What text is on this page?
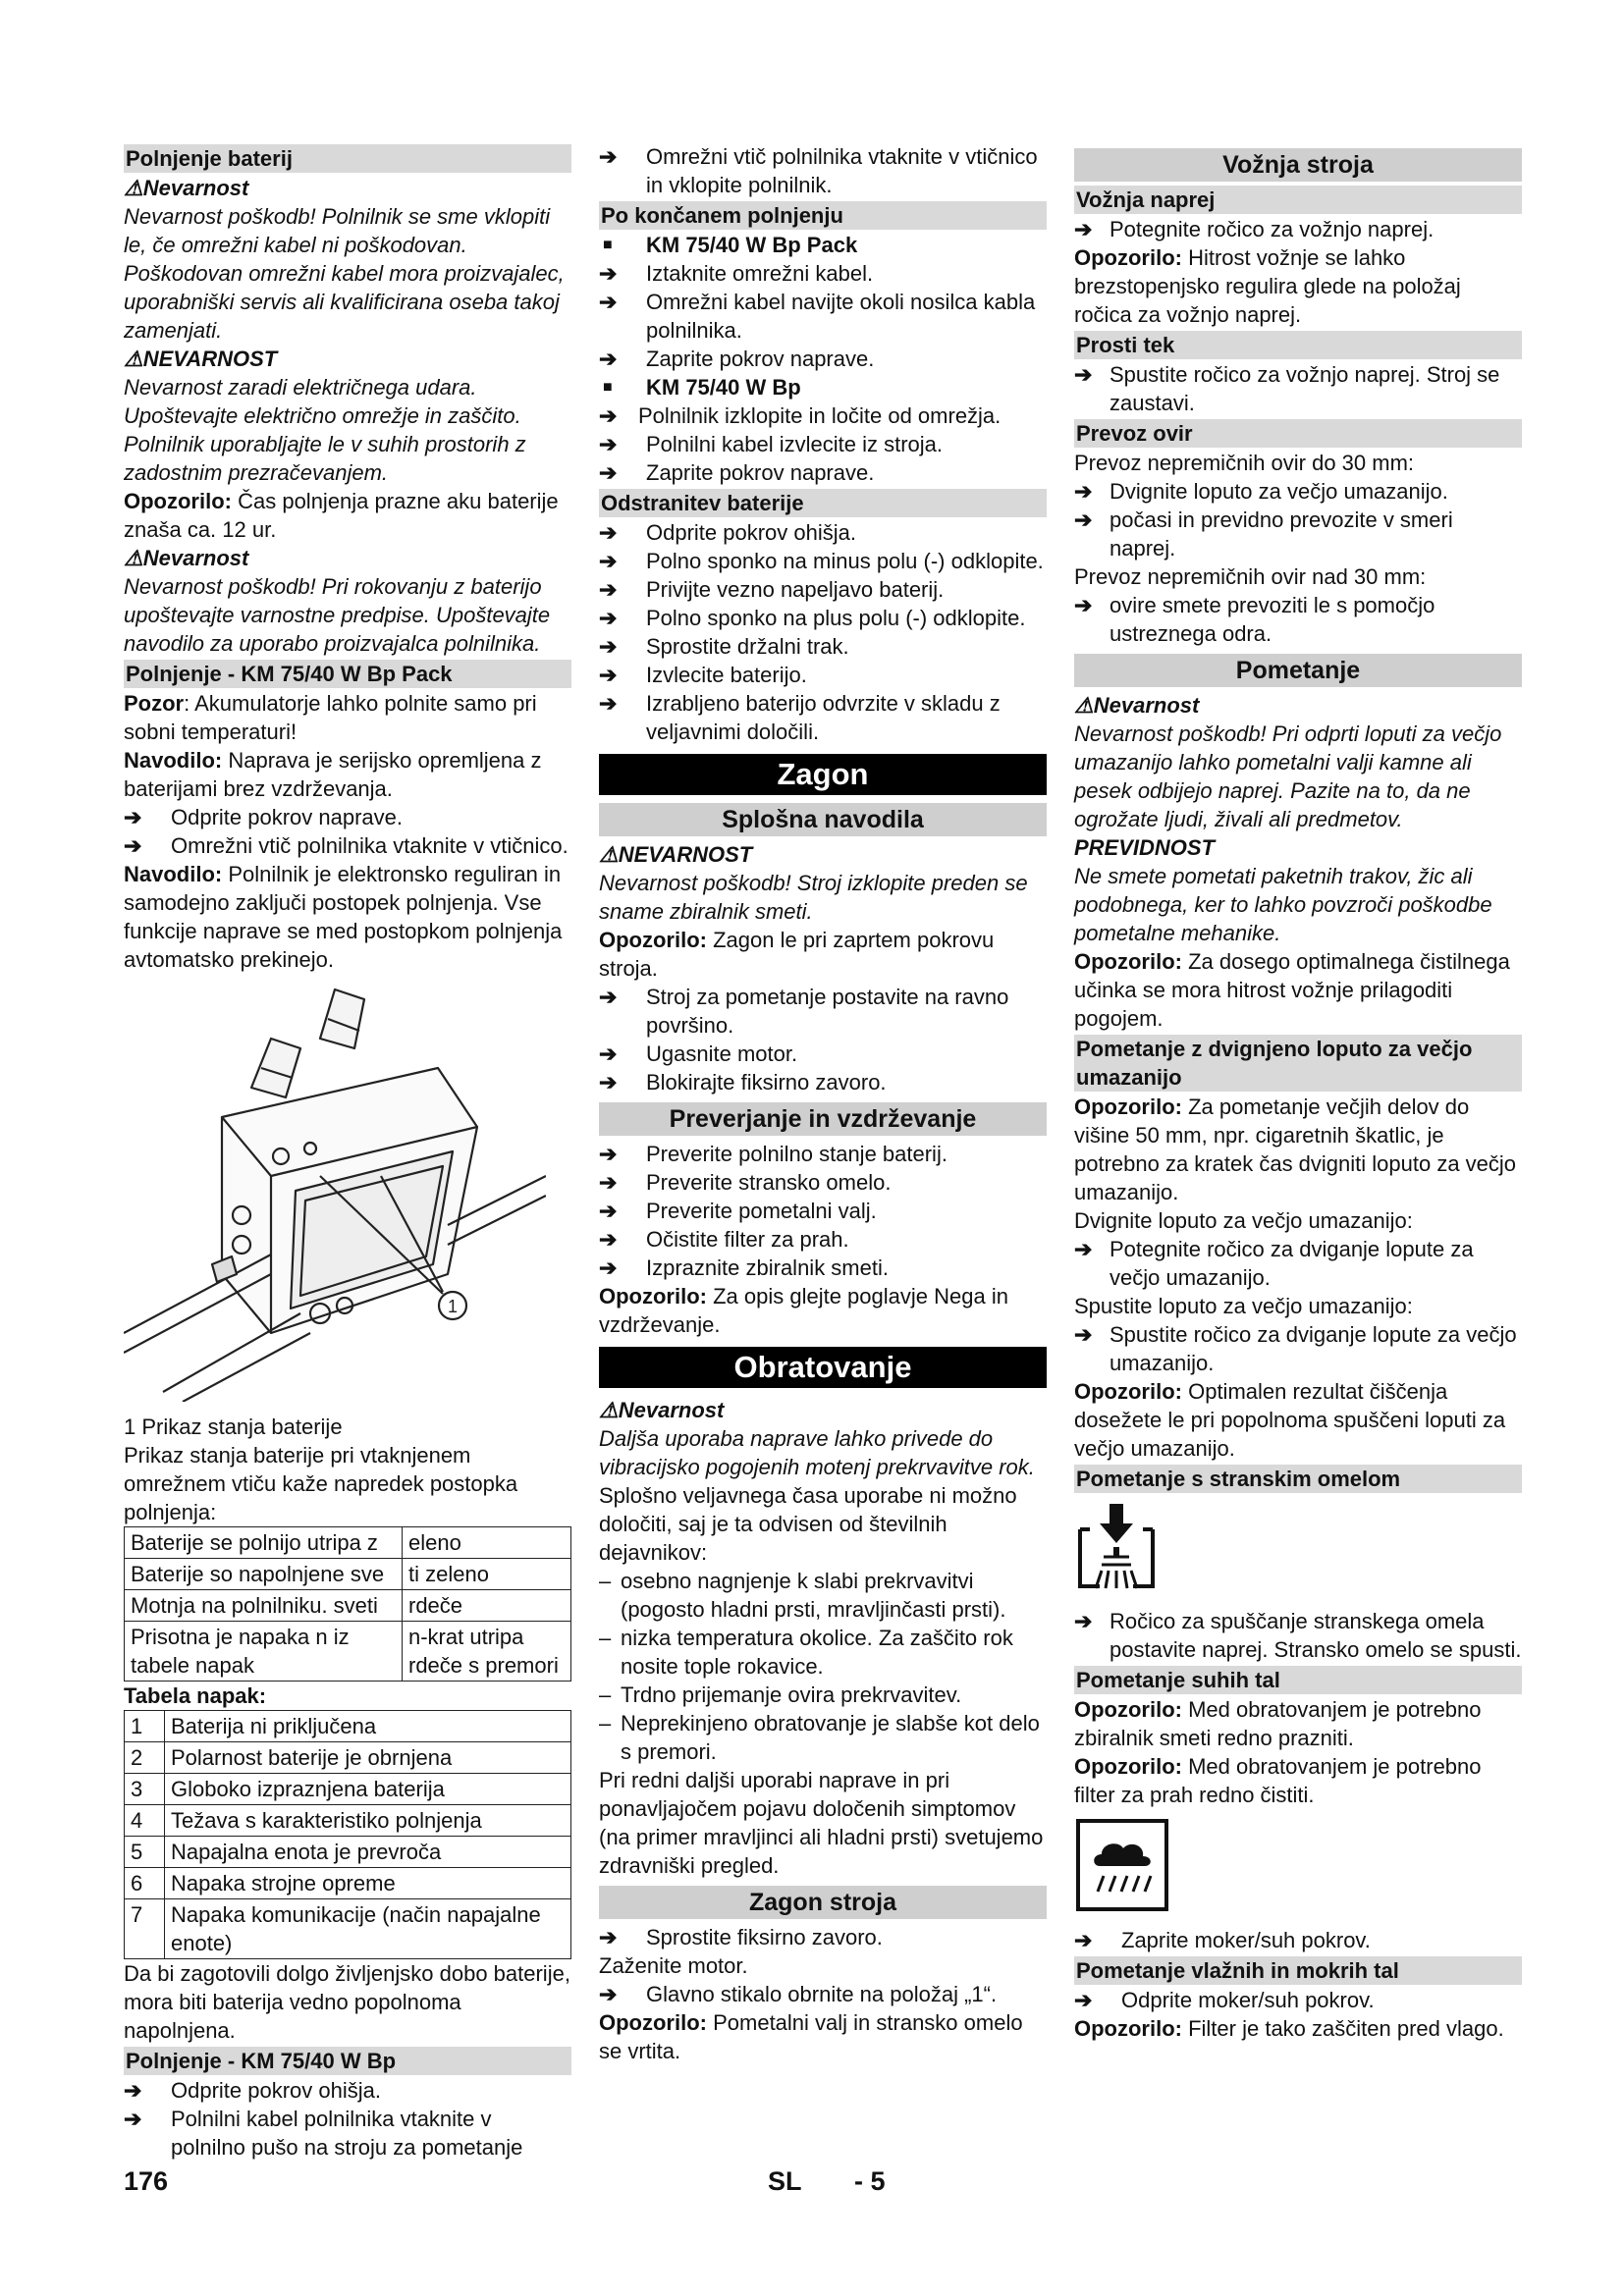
Polnjenje baterij
⚠Nevarnost
Nevarnost poškodb! Polnilnik se sme vklopiti le, če omrežni kabel ni poškodovan. Poškodovan omrežni kabel mora proizvajalec, uporabniški servis ali kvalificirana oseba takoj zamenjati.
⚠NEVARNOST
Nevarnost zaradi električnega udara. Upoštevajte električno omrežje in zaščito. Polnilnik uporabljajte le v suhih prostorih z zadostnim prezračevanjem.
Opozorilo: Čas polnjenja prazne aku baterije znaša ca. 12 ur.
⚠Nevarnost
Nevarnost poškodb! Pri rokovanju z baterijo upoštevajte varnostne predpise. Upoštevajte navodilo za uporabo proizvajalca polnilnika.
Polnjenje - KM 75/40 W Bp Pack
Pozor: Akumulatorje lahko polnite samo pri sobni temperaturi!
Navodilo: Naprava je serijsko opremljena z baterijami brez vzdrževanja.
➔	Odprite pokrov naprave.
➔	Omrežni vtič polnilnika vtaknite v vtičnico.
Navodilo: Polnilnik je elektronsko reguliran in samodejno zaključi postopek polnjenja. Vse funkcije naprave se med postopkom polnjenja avtomatsko prekinejo.
1
1 Prikaz stanja baterije
Prikaz stanja baterije pri vtaknjenem omrežnem vtiču kaže napredek postopka polnjenja:
Baterije se polnijo utripa z	eleno
Baterije so napolnjene sve	ti zeleno
Motnja na polnilniku. sveti	rdeče
Prisotna je napaka n iz tabele napak	n-krat utripa rdeče s premori
Tabela napak:
1	Baterija ni priključena
2	Polarnost baterije je obrnjena
3	Globoko izpraznjena baterija
4	Težava s karakteristiko polnjenja
5	Napajalna enota je prevroča
6	Napaka strojne opreme
7	Napaka komunikacije (način napajalne enote)
Da bi zagotovili dolgo življenjsko dobo baterije, mora biti baterija vedno popolnoma napolnjena.
Polnjenje - KM 75/40 W Bp
➔	Odprite pokrov ohišja.
➔	Polnilni kabel polnilnika vtaknite v polnilno pušo na stroju za pometanje
➔	Omrežni vtič polnilnika vtaknite v vtičnico in vklopite polnilnik.
Po končanem polnjenju
■	KM 75/40 W Bp Pack
➔	Iztaknite omrežni kabel.
➔	Omrežni kabel navijte okoli nosilca kabla polnilnika.
➔	Zaprite pokrov naprave.
■	KM 75/40 W Bp
➔ Polnilnik izklopite in ločite od omrežja.
➔	Polnilni kabel izvlecite iz stroja.
➔	Zaprite pokrov naprave.
Odstranitev baterije
➔	Odprite pokrov ohišja.
➔	Polno sponko na minus polu (-) odklopite.
➔	Privijte vezno napeljavo baterij.
➔	Polno sponko na plus polu (-) odklopite.
➔	Sprostite držalni trak.
➔	Izvlecite baterijo.
➔	Izrabljeno baterijo odvrzite v skladu z veljavnimi določili.
Zagon
Splošna navodila
⚠NEVARNOST
Nevarnost poškodb! Stroj izklopite preden se sname zbiralnik smeti.
Opozorilo: Zagon le pri zaprtem pokrovu stroja.
➔	Stroj za pometanje postavite na ravno površino.
➔	Ugasnite motor.
➔	Blokirajte fiksirno zavoro.
Preverjanje in vzdrževanje
➔	Preverite polnilno stanje baterij.
➔	Preverite stransko omelo.
➔	Preverite pometalni valj.
➔	Očistite filter za prah.
➔	Izpraznite zbiralnik smeti.
Opozorilo: Za opis glejte poglavje Nega in vzdrževanje.
Obratovanje
⚠Nevarnost
Daljša uporaba naprave lahko privede do vibracijsko pogojenih motenj prekrvavitve rok.
Splošno veljavnega časa uporabe ni možno določiti, saj je ta odvisen od številnih dejavnikov:
– osebno nagnjenje k slabi prekrvavitvi (pogosto hladni prsti, mravljinčasti prsti).
– nizka temperatura okolice. Za zaščito rok nosite tople rokavice.
– Trdno prijemanje ovira prekrvavitev.
– Neprekinjeno obratovanje je slabše kot delo s premori.
Pri redni daljši uporabi naprave in pri ponavljajočem pojavu določenih simptomov (na primer mravljinci ali hladni prsti) svetujemo zdravniški pregled.
Zagon stroja
➔	Sprostite fiksirno zavoro.
Zaženite motor.
➔	Glavno stikalo obrnite na položaj „1“.
Opozorilo: Pometalni valj in stransko omelo se vrtita.
Vožnja stroja
Vožnja naprej
➔ Potegnite ročico za vožnjo naprej.
Opozorilo: Hitrost vožnje se lahko brezstopenjsko regulira glede na položaj ročica za vožnjo naprej.
Prosti tek
➔ Spustite ročico za vožnjo naprej. Stroj se zaustavi.
Prevoz ovir
Prevoz nepremičnih ovir do 30 mm:
➔ Dvignite loputo za večjo umazanijo.
➔ počasi in previdno prevozite v smeri naprej.
Prevoz nepremičnih ovir nad 30 mm:
➔ ovire smete prevoziti le s pomočjo ustreznega odra.
Pometanje
⚠Nevarnost
Nevarnost poškodb! Pri odprti loputi za večjo umazanijo lahko pometalni valji kamne ali pesek odbijejo naprej. Pazite na to, da ne ogrožate ljudi, živali ali predmetov.
PREVIDNOST
Ne smete pometati paketnih trakov, žic ali podobnega, ker to lahko povzroči poškodbe pometalne mehanike.
Opozorilo: Za dosego optimalnega čistilnega učinka se mora hitrost vožnje prilagoditi pogojem.
Pometanje z dvignjeno loputo za večjo umazanijo
Opozorilo: Za pometanje večjih delov do višine 50 mm, npr. cigaretnih škatlic, je potrebno za kratek čas dvigniti loputo za večjo umazanijo.
Dvignite loputo za večjo umazanijo:
➔ Potegnite ročico za dviganje lopute za večjo umazanijo.
Spustite loputo za večjo umazanijo:
➔ Spustite ročico za dviganje lopute za večjo umazanijo.
Opozorilo: Optimalen rezultat čiščenja dosežete le pri popolnoma spuščeni loputi za večjo umazanijo.
Pometanje s stranskim omelom
➔ Ročico za spuščanje stranskega omela postavite naprej. Stransko omelo se spusti.
Pometanje suhih tal
Opozorilo: Med obratovanjem je potrebno zbiralnik smeti redno prazniti.
Opozorilo: Med obratovanjem je potrebno filter za prah redno čistiti.
➔	Zaprite moker/suh pokrov.
Pometanje vlažnih in mokrih tal
➔	Odprite moker/suh pokrov.
Opozorilo: Filter je tako zaščiten pred vlago.
176	SL - 5
